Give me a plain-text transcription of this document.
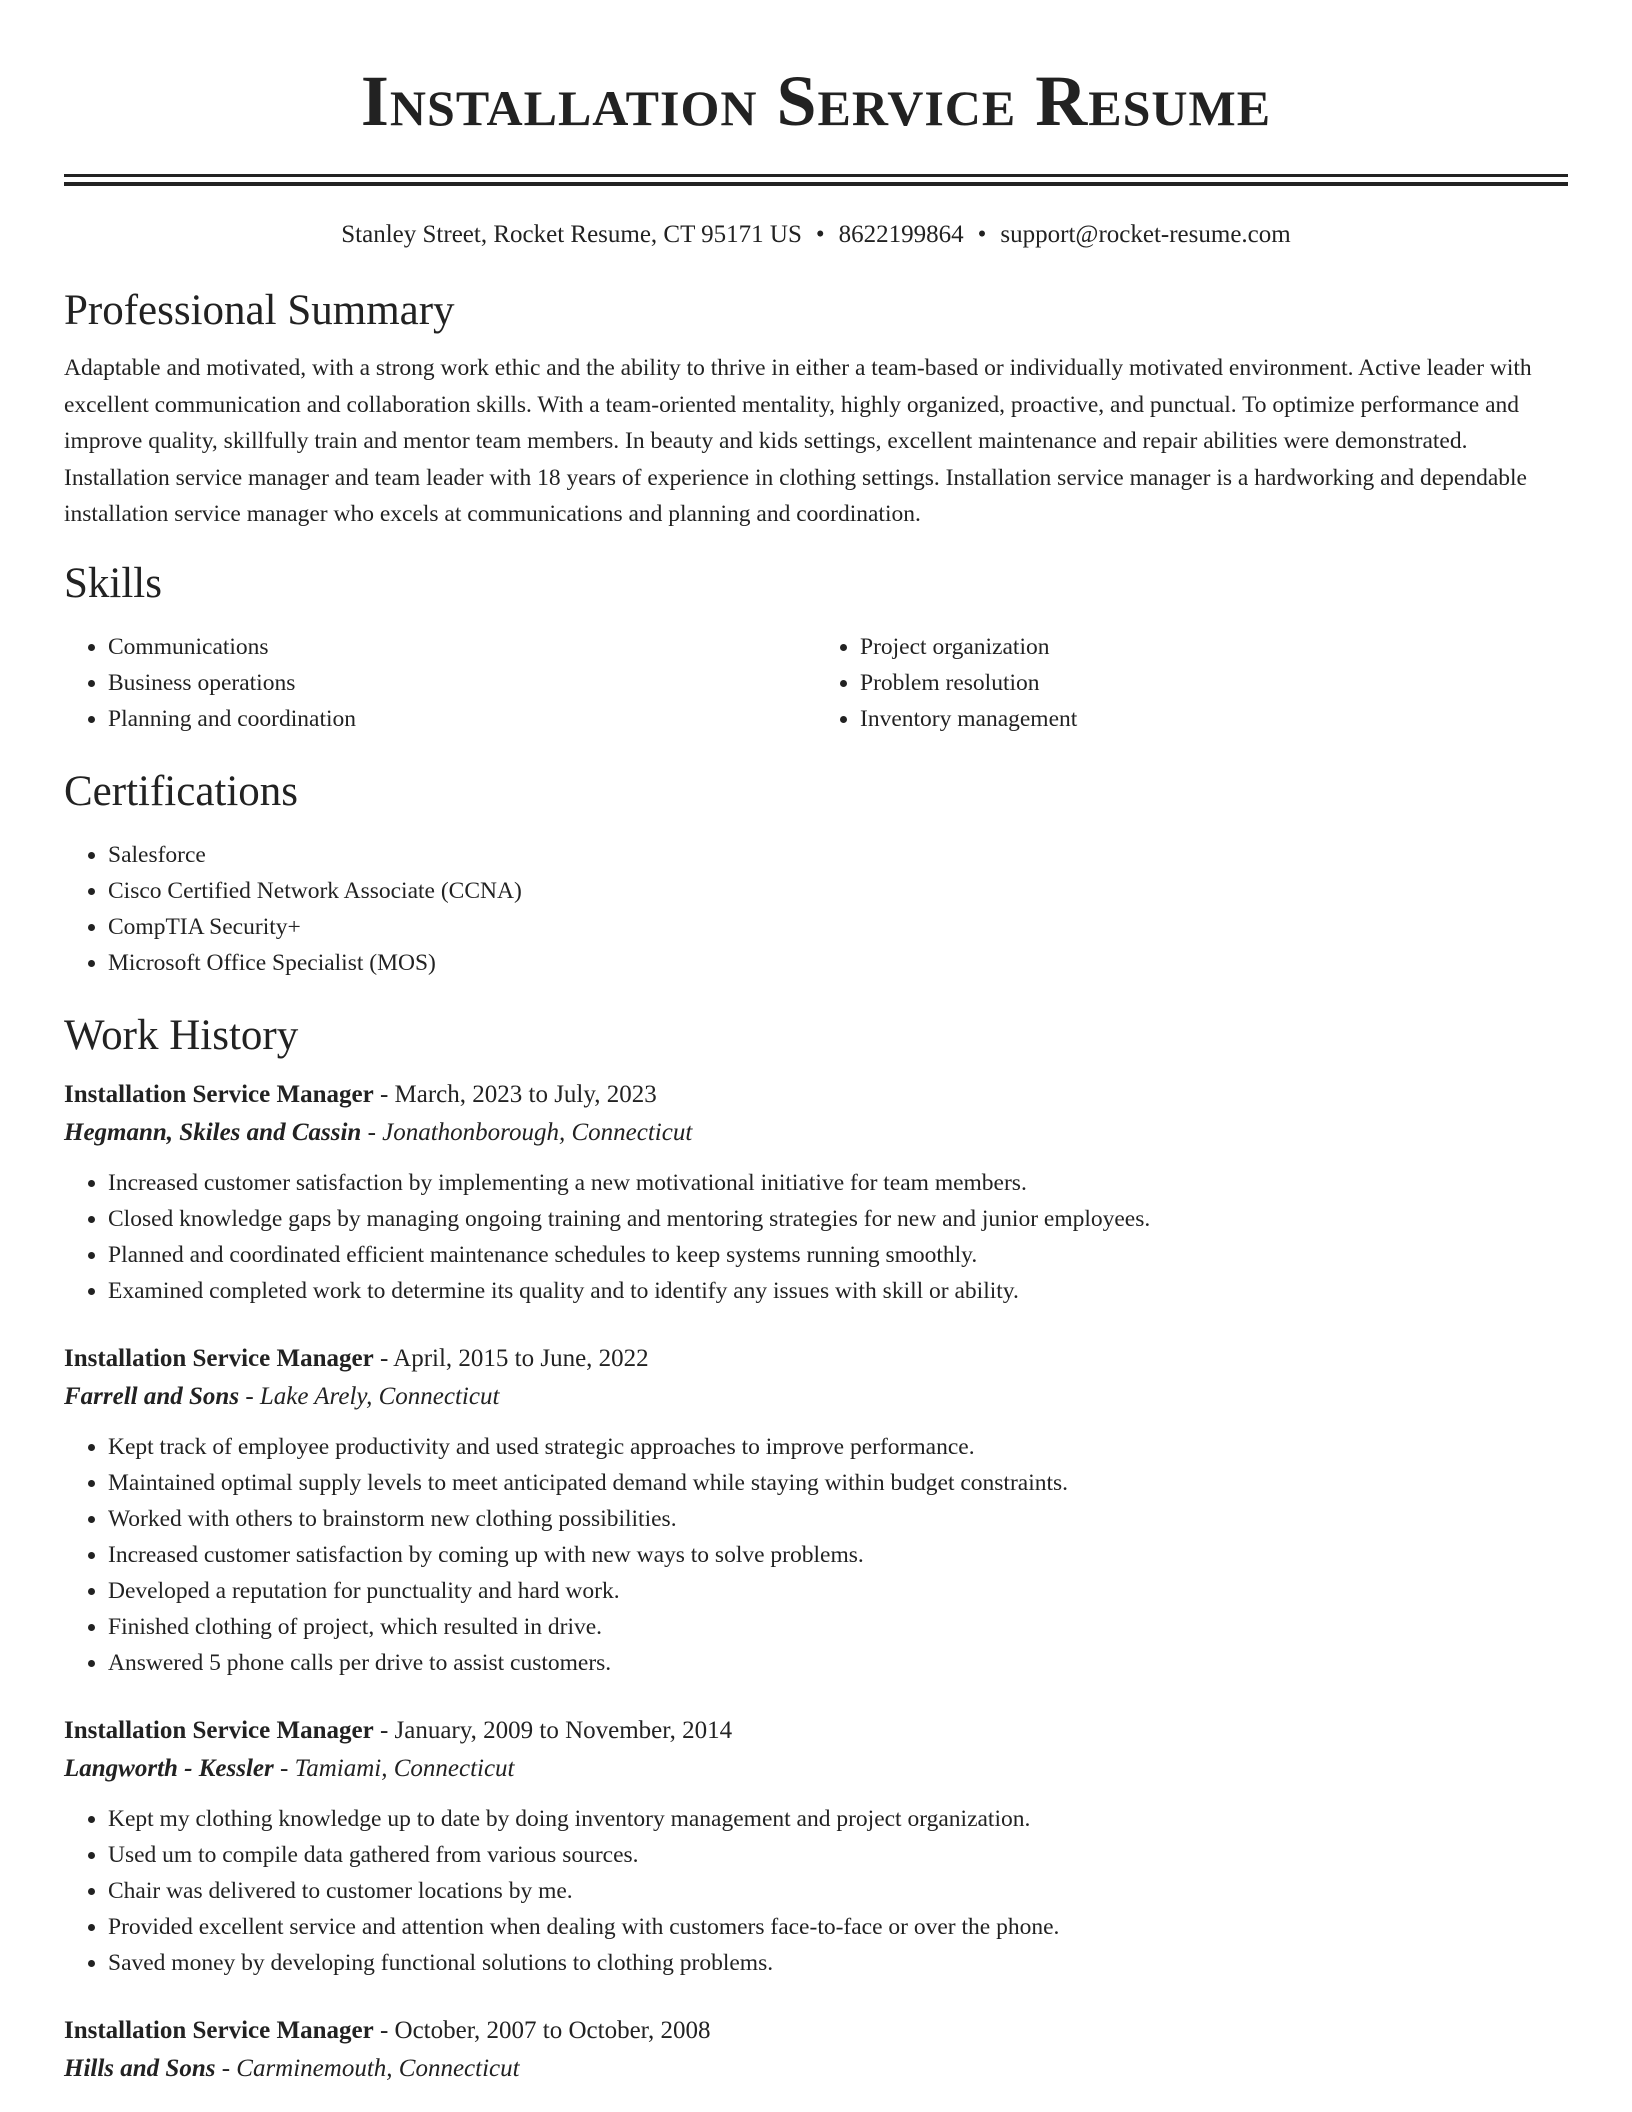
Installation Service Resume
Stanley Street, Rocket Resume, CT 95171 US • 8622199864 • support@rocket-resume.com
Professional Summary

Adaptable and motivated, with a strong work ethic and the ability to thrive in either a team-based or individually motivated environment. Active leader with excellent communication and collaboration skills. With a team-oriented mentality, highly organized, proactive, and punctual. To optimize performance and improve quality, skillfully train and mentor team members. In beauty and kids settings, excellent maintenance and repair abilities were demonstrated. Installation service manager and team leader with 18 years of experience in clothing settings. Installation service manager is a hardworking and dependable installation service manager who excels at communications and planning and coordination.

Skills
• Communications
• Business operations
• Planning and coordination
• Project organization
• Problem resolution
• Inventory management
Certifications
• Salesforce
• Cisco Certified Network Associate (CCNA)
• CompTIA Security+
• Microsoft Office Specialist (MOS)
Work History
Installation Service Manager - March, 2023 to July, 2023
Hegmann, Skiles and Cassin - Jonathonborough, Connecticut
• Increased customer satisfaction by implementing a new motivational initiative for team members.
• Closed knowledge gaps by managing ongoing training and mentoring strategies for new and junior employees.
• Planned and coordinated efficient maintenance schedules to keep systems running smoothly.
• Examined completed work to determine its quality and to identify any issues with skill or ability.
Installation Service Manager - April, 2015 to June, 2022
Farrell and Sons - Lake Arely, Connecticut
• Kept track of employee productivity and used strategic approaches to improve performance.
• Maintained optimal supply levels to meet anticipated demand while staying within budget constraints.
• Worked with others to brainstorm new clothing possibilities.
• Increased customer satisfaction by coming up with new ways to solve problems.
• Developed a reputation for punctuality and hard work.
• Finished clothing of project, which resulted in drive.
• Answered 5 phone calls per drive to assist customers.
Installation Service Manager - January, 2009 to November, 2014
Langworth - Kessler - Tamiami, Connecticut
• Kept my clothing knowledge up to date by doing inventory management and project organization.
• Used um to compile data gathered from various sources.
• Chair was delivered to customer locations by me.
• Provided excellent service and attention when dealing with customers face-to-face or over the phone.
• Saved money by developing functional solutions to clothing problems.
Installation Service Manager - October, 2007 to October, 2008
Hills and Sons - Carminemouth, Connecticut
